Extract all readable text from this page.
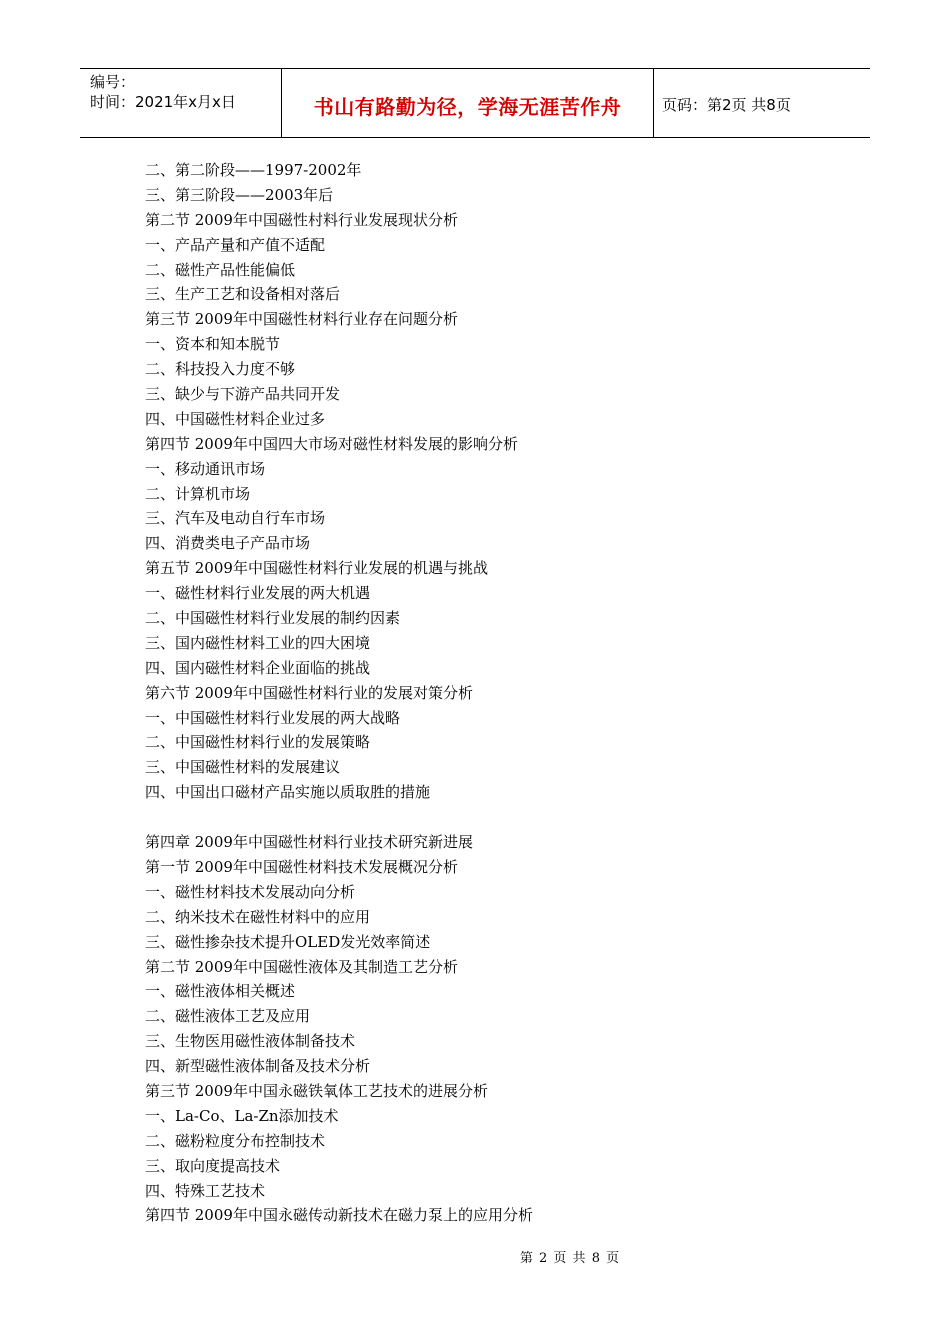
编号：
时间：2021年x月x日	书山有路勤为径，学海无涯苦作舟	页码：第2页 共8页
二、第二阶段——1997-2002年
三、第三阶段——2003年后
第二节 2009年中国磁性村料行业发展现状分析
一、产品产量和产值不适配
二、磁性产品性能偏低
三、生产工艺和设备相对落后
第三节 2009年中国磁性材料行业存在问题分析
一、资本和知本脱节
二、科技投入力度不够
三、缺少与下游产品共同开发
四、中国磁性材料企业过多
第四节 2009年中国四大市场对磁性材料发展的影响分析
一、移动通讯市场
二、计算机市场
三、汽车及电动自行车市场
四、消费类电子产品市场
第五节 2009年中国磁性材料行业发展的机遇与挑战
一、磁性材料行业发展的两大机遇
二、中国磁性材料行业发展的制约因素
三、国内磁性材料工业的四大困境
四、国内磁性材料企业面临的挑战
第六节 2009年中国磁性材料行业的发展对策分析
一、中国磁性材料行业发展的两大战略
二、中国磁性材料行业的发展策略
三、中国磁性材料的发展建议
四、中国出口磁材产品实施以质取胜的措施
第四章 2009年中国磁性材料行业技术研究新进展
第一节 2009年中国磁性材料技术发展概况分析
一、磁性材料技术发展动向分析
二、纳米技术在磁性材料中的应用
三、磁性掺杂技术提升OLED发光效率简述
第二节 2009年中国磁性液体及其制造工艺分析
一、磁性液体相关概述
二、磁性液体工艺及应用
三、生物医用磁性液体制备技术
四、新型磁性液体制备及技术分析
第三节 2009年中国永磁铁氧体工艺技术的进展分析
一、La-Co、La-Zn添加技术
二、磁粉粒度分布控制技术
三、取向度提高技术
四、特殊工艺技术
第四节 2009年中国永磁传动新技术在磁力泵上的应用分析
第 2 页 共 8 页
